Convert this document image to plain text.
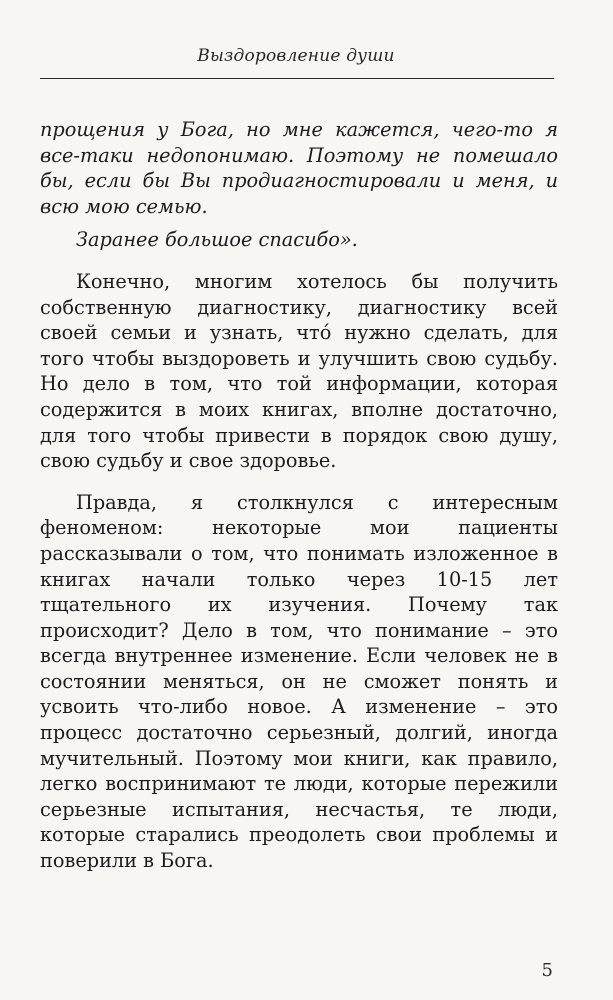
Выздоровление души

прощения у Бога, но мне кажется, чего-то я все-таки недопонимаю. Поэтому не помешало бы, если бы Вы продиагностировали и меня, и всю мою семью.

Заранее большое спасибо».

Конечно, многим хотелось бы получить собственную диагностику, диагностику всей своей семьи и узнать, что́ нужно сделать, для того чтобы выздороветь и улучшить свою судьбу. Но дело в том, что той информации, которая содержится в моих книгах, вполне достаточно, для того чтобы привести в порядок свою душу, свою судьбу и свое здоровье.

Правда, я столкнулся с интересным феноменом: некоторые мои пациенты рассказывали о том, что понимать изложенное в книгах начали только через 10-15 лет тщательного их изучения. Почему так происходит? Дело в том, что понимание – это всегда внутреннее изменение. Если человек не в состоянии меняться, он не сможет понять и усвоить что-либо новое. А изменение – это процесс достаточно серьезный, долгий, иногда мучительный. Поэтому мои книги, как правило, легко воспринимают те люди, которые пережили серьезные испытания, несчастья, те люди, которые старались преодолеть свои проблемы и поверили в Бога.

5
